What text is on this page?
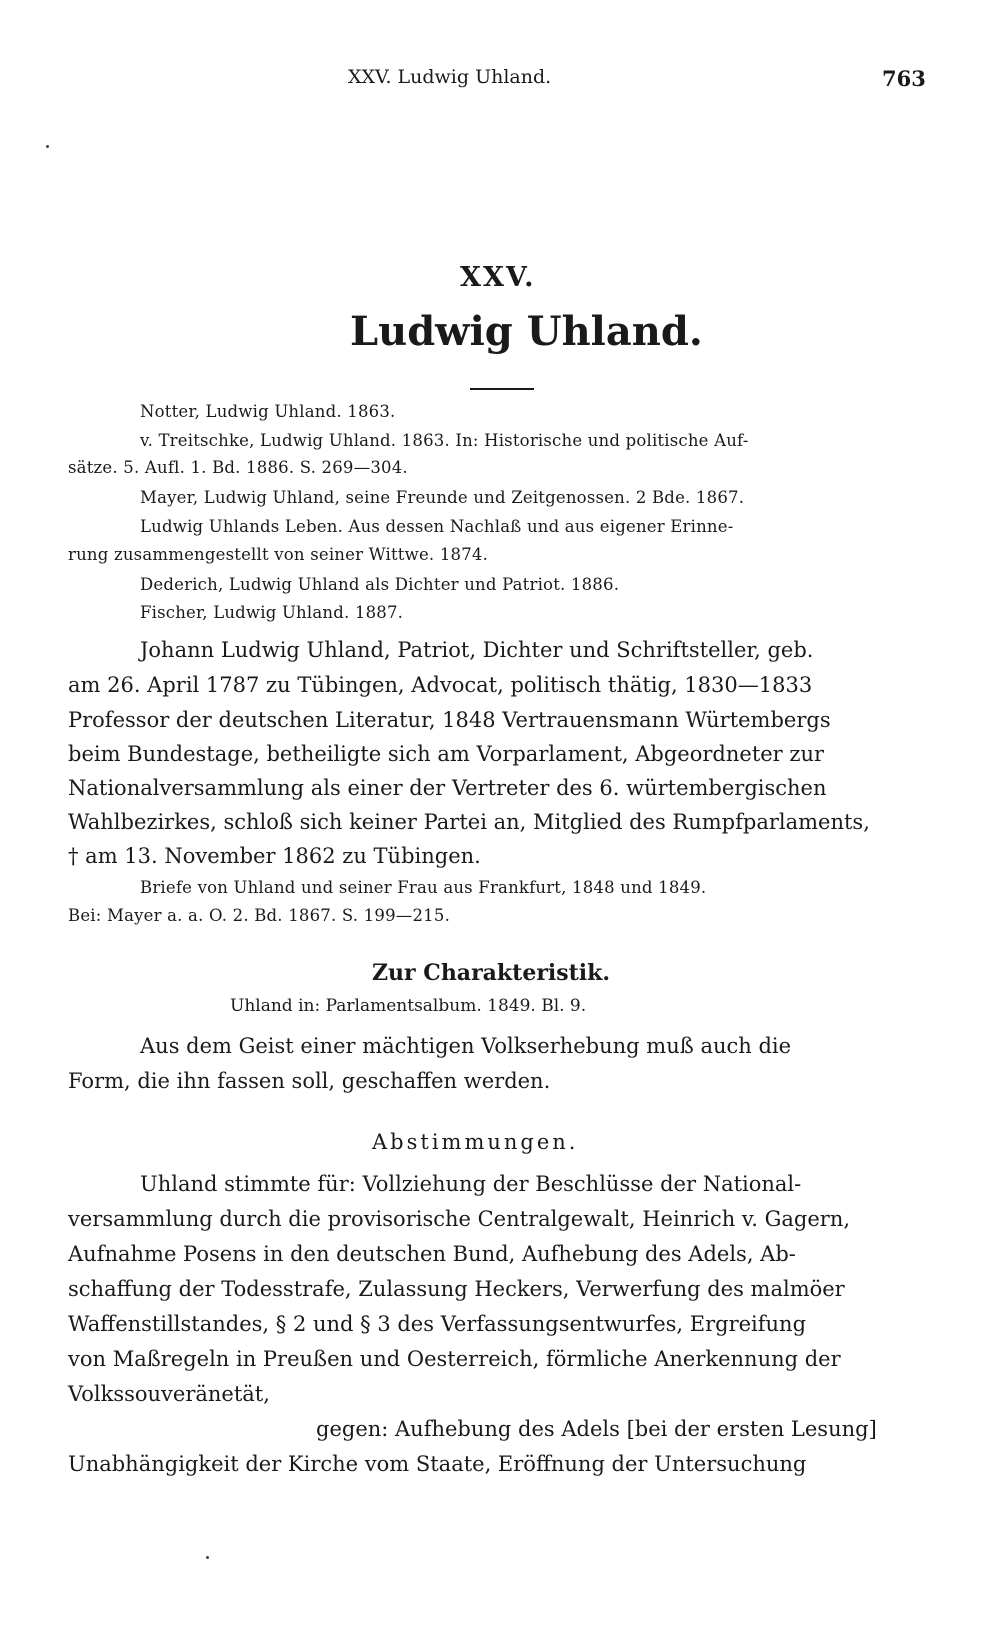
XXV. Ludwig Uhland.	763
XXV.
Ludwig Uhland.
Notter, Ludwig Uhland. 1863.
v. Treitschke, Ludwig Uhland. 1863. In: Historische und politische Auf-
sätze. 5. Aufl. 1. Bd. 1886. S. 269—304.
Mayer, Ludwig Uhland, seine Freunde und Zeitgenossen. 2 Bde. 1867.
Ludwig Uhlands Leben. Aus dessen Nachlaß und aus eigener Erinne-
rung zusammengestellt von seiner Wittwe. 1874.
Dederich, Ludwig Uhland als Dichter und Patriot. 1886.
Fischer, Ludwig Uhland. 1887.
Johann Ludwig Uhland, Patriot, Dichter und Schriftsteller, geb.
am 26. April 1787 zu Tübingen, Advocat, politisch thätig, 1830—1833
Professor der deutschen Literatur, 1848 Vertrauensmann Würtembergs
beim Bundestage, betheiligte sich am Vorparlament, Abgeordneter zur
Nationalversammlung als einer der Vertreter des 6. würtembergischen
Wahlbezirkes, schloß sich keiner Partei an, Mitglied des Rumpfparlaments,
† am 13. November 1862 zu Tübingen.
Briefe von Uhland und seiner Frau aus Frankfurt, 1848 und 1849.
Bei: Mayer a. a. O. 2. Bd. 1867. S. 199—215.
Zur Charakteristik.
Uhland in: Parlamentsalbum. 1849. Bl. 9.
Aus dem Geist einer mächtigen Volkserhebung muß auch die
Form, die ihn fassen soll, geschaffen werden.
Abstimmungen.
Uhland stimmte für: Vollziehung der Beschlüsse der National-
versammlung durch die provisorische Centralgewalt, Heinrich v. Gagern,
Aufnahme Posens in den deutschen Bund, Aufhebung des Adels, Ab-
schaffung der Todesstrafe, Zulassung Heckers, Verwerfung des malmöer
Waffenstillstandes, § 2 und § 3 des Verfassungsentwurfes, Ergreifung
von Maßregeln in Preußen und Oesterreich, förmliche Anerkennung der
Volkssouveränetät,
gegen: Aufhebung des Adels [bei der ersten Lesung]
Unabhängigkeit der Kirche vom Staate, Eröffnung der Untersuchung
